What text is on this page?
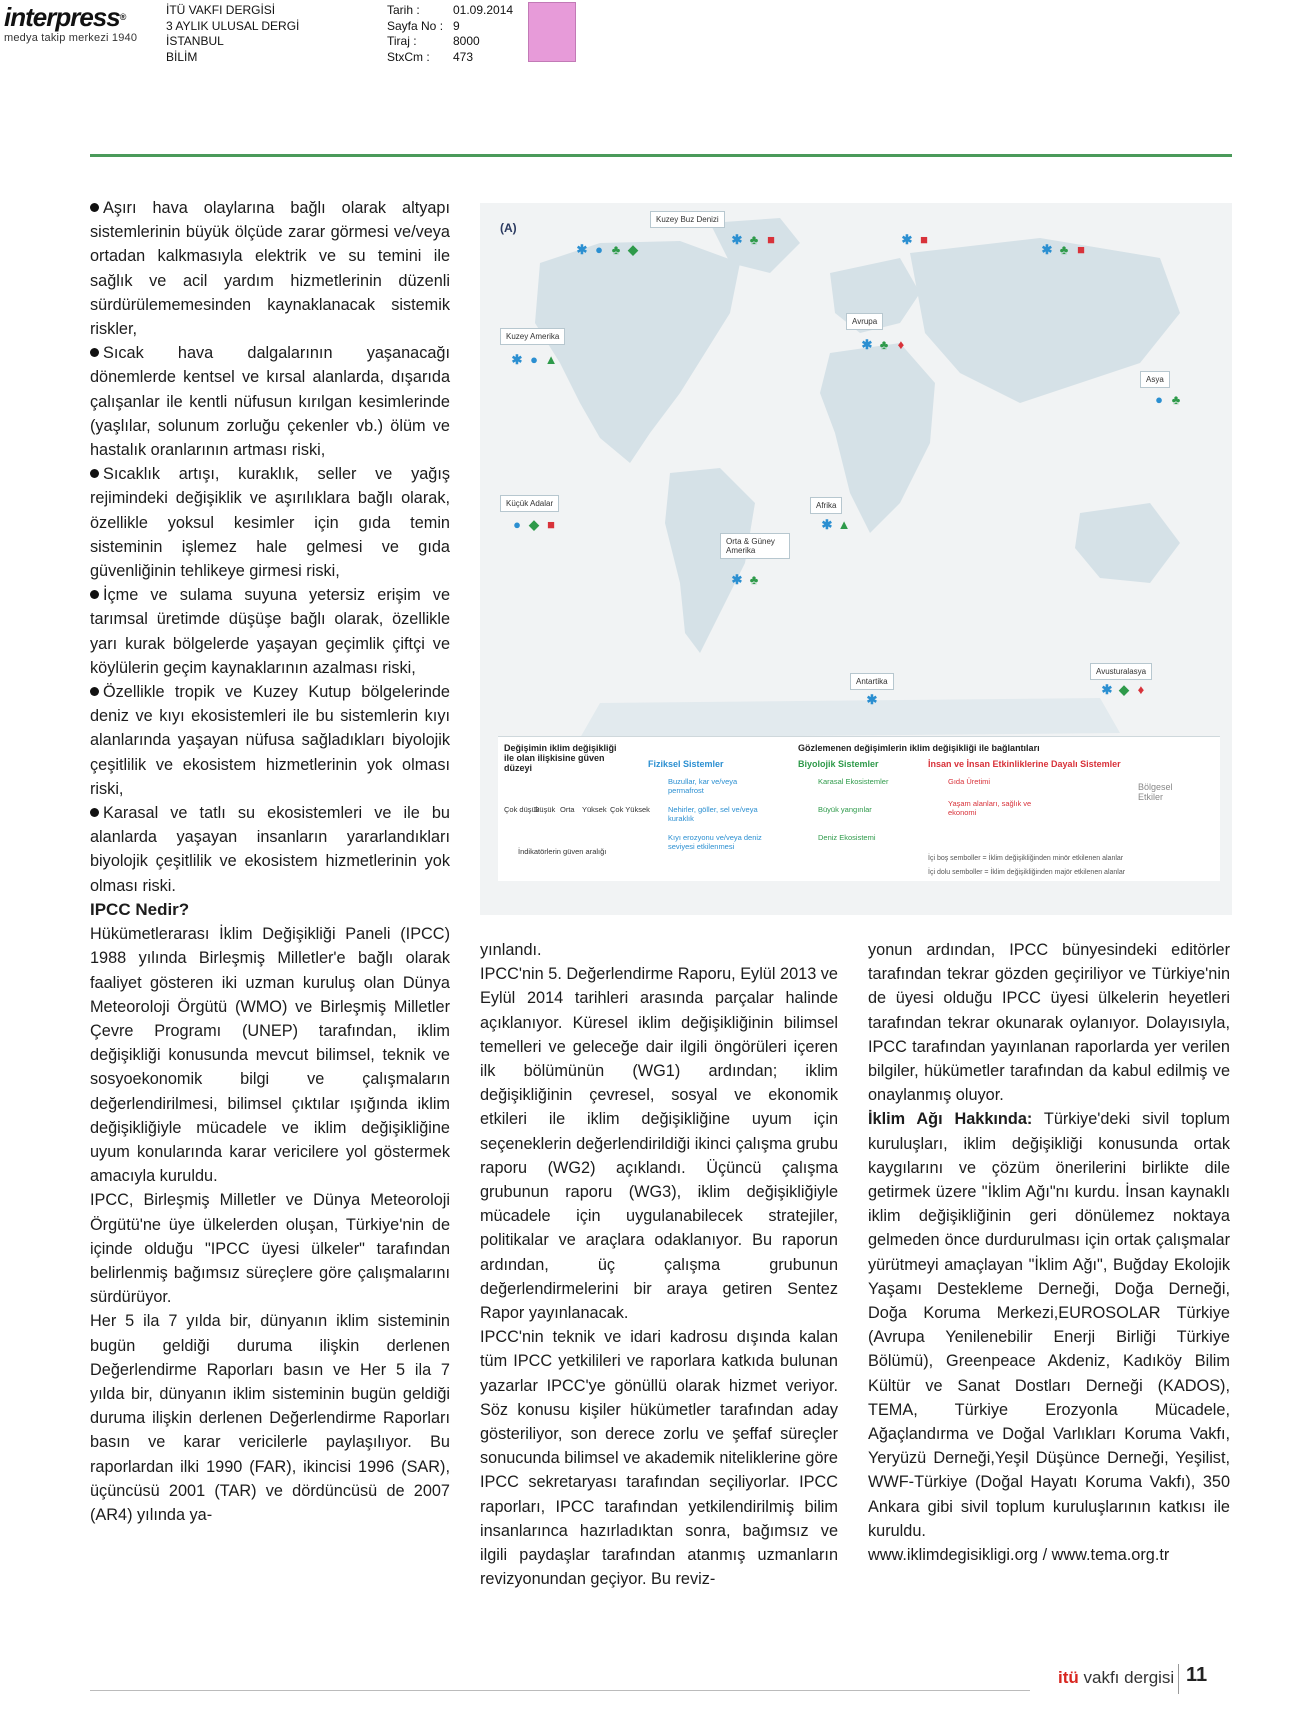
interpress®
medya takip merkezi 1940
İTÜ VAKFI DERGİSİ
3 AYLIK ULUSAL DERGİ
İSTANBUL
BİLİM
Tarih :	01.09.2014
Sayfa No : 9
Tiraj :	8000
StxCm :	473

Aşırı hava olaylarına bağlı olarak altyapı sistemlerinin büyük ölçüde zarar görmesi ve/veya ortadan kalkmasıyla elektrik ve su temini ile sağlık ve acil yardım hizmetlerinin düzenli sürdürülememesinden kaynaklanacak sistemik riskler,

Sıcak hava dalgalarının yaşanacağı dönemlerde kentsel ve kırsal alanlarda, dışarıda çalışanlar ile kentli nüfusun kırılgan kesimlerinde (yaşlılar, solunum zorluğu çekenler vb.) ölüm ve hastalık oranlarının artması riski,

Sıcaklık artışı, kuraklık, seller ve yağış rejimindeki değişiklik ve aşırılıklara bağlı olarak, özellikle yoksul kesimler için gıda temin sisteminin işlemez hale gelmesi ve gıda güvenliğinin tehlikeye girmesi riski,

İçme ve sulama suyuna yetersiz erişim ve tarımsal üretimde düşüşe bağlı olarak, özellikle yarı kurak bölgelerde yaşayan geçimlik çiftçi ve köylülerin geçim kaynaklarının azalması riski,

Özellikle tropik ve Kuzey Kutup bölgelerinde deniz ve kıyı ekosistemleri ile bu sistemlerin kıyı alanlarında yaşayan nüfusa sağladıkları biyolojik çeşitlilik ve ekosistem hizmetlerinin yok olması riski,

Karasal ve tatlı su ekosistemleri ve ile bu alanlarda yaşayan insanların yararlandıkları biyolojik çeşitlilik ve ekosistem hizmetlerinin yok olması riski.

IPCC Nedir?

Hükümetlerarası İklim Değişikliği Paneli (IPCC) 1988 yılında Birleşmiş Milletler'e bağlı olarak faaliyet gösteren iki uzman kuruluş olan Dünya Meteoroloji Örgütü (WMO) ve Birleşmiş Milletler Çevre Programı (UNEP) tarafından, iklim değişikliği konusunda mevcut bilimsel, teknik ve sosyoekonomik bilgi ve çalışmaların değerlendirilmesi, bilimsel çıktılar ışığında iklim değişikliğiyle mücadele ve iklim değişikliğine uyum konularında karar vericilere yol göstermek amacıyla kuruldu.

IPCC, Birleşmiş Milletler ve Dünya Meteoroloji Örgütü'ne üye ülkelerden oluşan, Türkiye'nin de içinde olduğu "IPCC üyesi ülkeler" tarafından belirlenmiş bağımsız süreçlere göre çalışmalarını sürdürüyor.

Her 5 ila 7 yılda bir, dünyanın iklim sisteminin bugün geldiği duruma ilişkin derlenen Değerlendirme Raporları basın ve Her 5 ila 7 yılda bir, dünyanın iklim sisteminin bugün geldiği duruma ilişkin derlenen Değerlendirme Raporları basın ve karar vericilerle paylaşılıyor. Bu raporlardan ilki 1990 (FAR), ikincisi 1996 (SAR), üçüncüsü 2001 (TAR) ve dördüncüsü de 2007 (AR4) yılında ya-

(A)
Kuzey Buz Denizi
Avrupa
Kuzey Amerika
Asya
Küçük Adalar	Afrika
Orta & Güney Amerika
Avusturalasya
Antartika
✱ ● ♣ ◆
✱ ♣ ■	✱ ■
✱ ♣ ■
✱ ● ▲
✱ ♣ ♦
● ♣
✱ ▲
● ◆ ■
✱ ♣
✱ ◆ ♦
✱
Değişimin iklim değişikliği ile olan ilişkisine güven düzeyi
Çok düşük
Düşük Orta Yüksek Çok Yüksek
İndikatörlerin güven aralığı
Gözlemenen değişimlerin iklim değişikliği ile bağlantıları
Fiziksel Sistemler
Buzullar, kar ve/veya permafrost
Nehirler, göller, sel ve/veya kuraklık
Kıyı erozyonu ve/veya deniz seviyesi etkilenmesi
Biyolojik Sistemler
Karasal Ekosistemler
Büyük yangınlar
Deniz Ekosistemi
İnsan ve İnsan Etkinliklerine Dayalı Sistemler
Gıda Üretimi
Yaşam alanları, sağlık ve ekonomi
Bölgesel Etkiler
İçi boş semboller = İklim değişikliğinden minör etkilenen alanlar
İçi dolu semboller = İklim değişikliğinden majör etkilenen alanlar

yınlandı.

IPCC'nin 5. Değerlendirme Raporu, Eylül 2013 ve Eylül 2014 tarihleri arasında parçalar halinde açıklanıyor. Küresel iklim değişikliğinin bilimsel temelleri ve geleceğe dair ilgili öngörüleri içeren ilk bölümünün (WG1) ardından; iklim değişikliğinin çevresel, sosyal ve ekonomik etkileri ile iklim değişikliğine uyum için seçeneklerin değerlendirildiği ikinci çalışma grubu raporu (WG2) açıklandı. Üçüncü çalışma grubunun raporu (WG3), iklim değişikliğiyle mücadele için uygulanabilecek stratejiler, politikalar ve araçlara odaklanıyor. Bu raporun ardından, üç çalışma grubunun değerlendirmelerini bir araya getiren Sentez Rapor yayınlanacak.

IPCC'nin teknik ve idari kadrosu dışında kalan tüm IPCC yetkilileri ve raporlara katkıda bulunan yazarlar IPCC'ye gönüllü olarak hizmet veriyor. Söz konusu kişiler hükümetler tarafından aday gösteriliyor, son derece zorlu ve şeffaf süreçler sonucunda bilimsel ve akademik niteliklerine göre IPCC sekretaryası tarafından seçiliyorlar. IPCC raporları, IPCC tarafından yetkilendirilmiş bilim insanlarınca hazırladıktan sonra, bağımsız ve ilgili paydaşlar tarafından atanmış uzmanların revizyonundan geçiyor. Bu reviz-

yonun ardından, IPCC bünyesindeki editörler tarafından tekrar gözden geçiriliyor ve Türkiye'nin de üyesi olduğu IPCC üyesi ülkelerin heyetleri tarafından tekrar okunarak oylanıyor. Dolayısıyla, IPCC tarafından yayınlanan raporlarda yer verilen bilgiler, hükümetler tarafından da kabul edilmiş ve onaylanmış oluyor.

İklim Ağı Hakkında: Türkiye'deki sivil toplum kuruluşları, iklim değişikliği konusunda ortak kaygılarını ve çözüm önerilerini birlikte dile getirmek üzere "İklim Ağı"nı kurdu. İnsan kaynaklı iklim değişikliğinin geri dönülemez noktaya gelmeden önce durdurulması için ortak çalışmalar yürütmeyi amaçlayan "İklim Ağı", Buğday Ekolojik Yaşamı Destekleme Derneği, Doğa Derneği, Doğa Koruma Merkezi,EUROSOLAR Türkiye (Avrupa Yenilenebilir Enerji Birliği Türkiye Bölümü), Greenpeace Akdeniz, Kadıköy Bilim Kültür ve Sanat Dostları Derneği (KADOS), TEMA, Türkiye Erozyonla Mücadele, Ağaçlandırma ve Doğal Varlıkları Koruma Vakfı, Yeryüzü Derneği,Yeşil Düşünce Derneği, Yeşilist, WWF-Türkiye (Doğal Hayatı Koruma Vakfı), 350 Ankara gibi sivil toplum kuruluşlarının katkısı ile kuruldu.

www.iklimdegisikligi.org / www.tema.org.tr

itü vakfı dergisi 11
